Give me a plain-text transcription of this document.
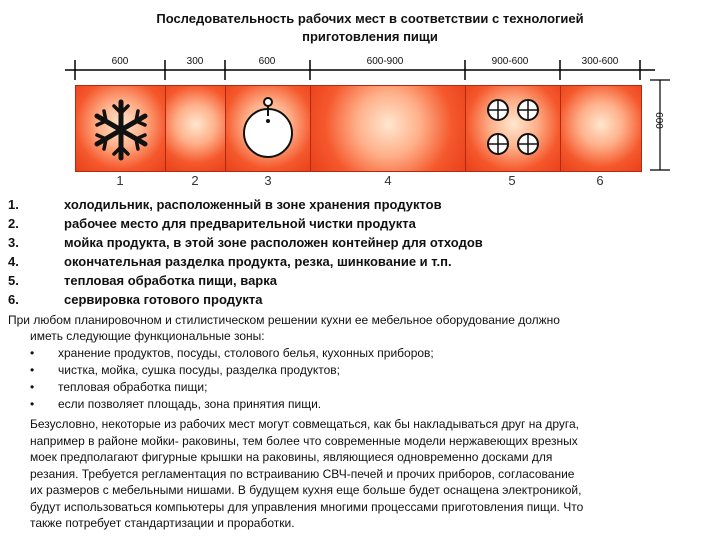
Последовательность рабочих мест в соответствии с технологией
приготовления пищи
600	300	600	600-900	900-600	300-600
600
1	2	3	4	5	6
1.	холодильник, расположенный в зоне хранения продуктов
2.	рабочее место для предварительной чистки продукта
3.	мойка продукта, в этой зоне расположен контейнер для отходов
4.	окончательная разделка продукта, резка, шинкование и т.п.
5.	тепловая обработка пищи, варка
6.	сервировка готового продукта
При любом планировочном и стилистическом решении кухни ее мебельное оборудование должно
иметь следующие функциональные зоны:
• хранение продуктов, посуды, столового белья, кухонных приборов;
• чистка, мойка, сушка посуды, разделка продуктов;
• тепловая обработка пищи;
• если позволяет площадь, зона принятия пищи.
Безусловно, некоторые из рабочих мест могут совмещаться, как бы накладываться друг на друга,
например в районе мойки- раковины, тем более что современные модели нержавеющих врезных
моек предполагают фигурные крышки на раковины, являющиеся одновременно досками для
резания. Требуется регламентация по встраиванию СВЧ-печей и прочих приборов, согласование
их размеров с мебельными нишами. В будущем кухня еще больше будет оснащена электроникой,
будут использоваться компьютеры для управления многими процессами приготовления пищи. Что
также потребует стандартизации и проработки.
